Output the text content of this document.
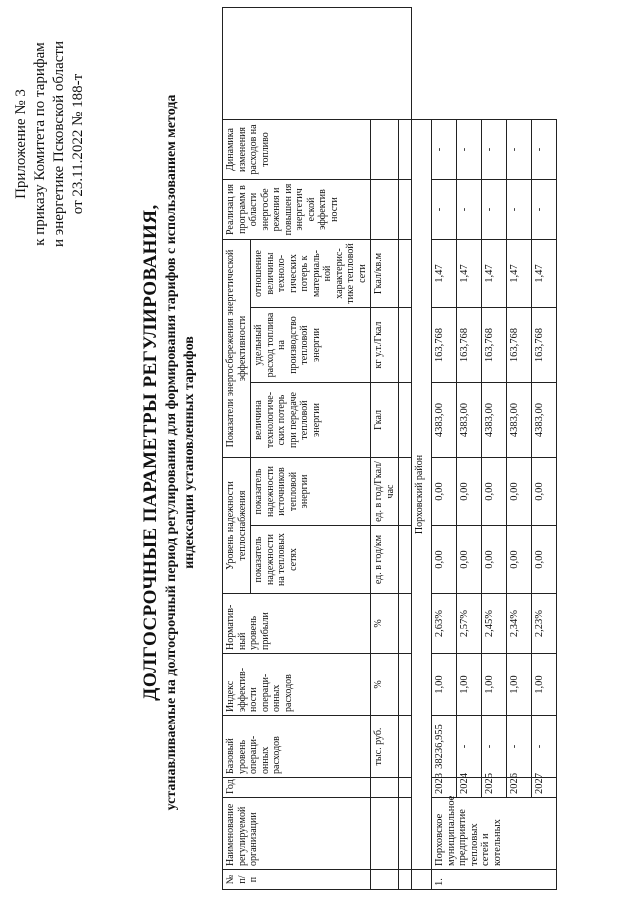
Приложение № 3 к приказу Комитета по тарифам и энергетике Псковской области от 23.11.2022 № 188-т
ДОЛГОСРОЧНЫЕ ПАРАМЕТРЫ РЕГУЛИРОВАНИЯ, устанавливаемые на долгосрочный период регулирования для формирования тарифов с использованием метода индексации установленных тарифов
№ п/п	Наименование регулируемой организации	Год	Базовый уровень операци- онных расходов	Индекс эффектив- ности операци- онных расходов	Норматив- ный уровень прибыли	Уровень надежности теплоснабжения		Показатели энергосбережения энергетической эффективности			Реализац ия программ в области энергосбе режения и повышен ия энергетич еской эффектив ности	Динамика изменения расходов на топливо	
						показатель надежности на тепловых сетях	показатель надежности источников тепловой энергии	величина технологиче- ских потерь при передаче тепловой энергии	удельный расход топлива на производство тепловой энергии	отношение величины техноло- гических потерь к материаль- ной характерис- тике тепловой сети			
			тыс. руб.	%	%	ед. в год/км	ед. в год/Гкал/час	Гкал	кг у.т./Гкал	Гкал/кв.м			

	Порховский район												
1.	Порховское муниципальное предприятие тепловых сетей и котельных	2023	38236,955	1,00	2,63%	0,00	0,00	4383,00	163,768	1,47	-	-	
		2024	-	1,00	2,57%	0,00	0,00	4383,00	163,768	1,47	-	-	
		2025	-	1,00	2,45%	0,00	0,00	4383,00	163,768	1,47	-	-	
		2026	-	1,00	2,34%	0,00	0,00	4383,00	163,768	1,47	-	-	
		2027	-	1,00	2,23%	0,00	0,00	4383,00	163,768	1,47	-	-	
